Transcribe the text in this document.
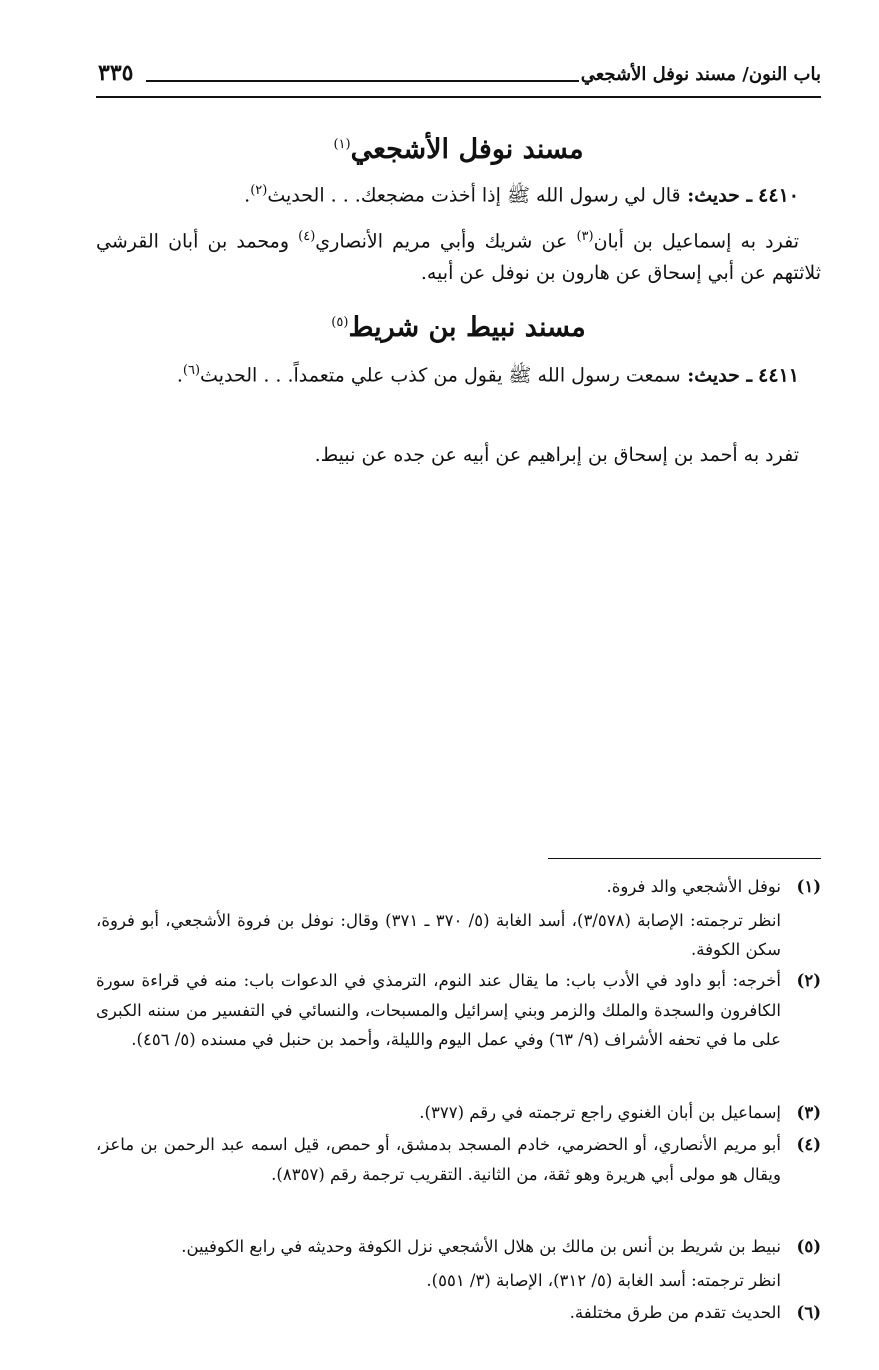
باب النون/ مسند نوفل الأشجعي
٣٣٥
مسند نوفل الأشجعي$^{(١)}$
٤٤١٠ ـ حديث: قال لي رسول الله ﷺ إذا أخذت مضجعك. . . الحديث$^{(٢)}$.
تفرد به إسماعيل بن أبان$^{(٣)}$ عن شريك وأبي مريم الأنصاري$^{(٤)}$ ومحمد بن أبان القرشي ثلاثتهم عن أبي إسحاق عن هارون بن نوفل عن أبيه.
مسند نبيط بن شريط$^{(٥)}$
٤٤١١ ـ حديث: سمعت رسول الله ﷺ يقول من كذب علي متعمداً. . . الحديث$^{(٦)}$.
تفرد به أحمد بن إسحاق بن إبراهيم عن أبيه عن جده عن نبيط.
(١)

نوفل الأشجعي والد فروة.

انظر ترجمته: الإصابة (٣/٥٧٨)، أسد الغابة (٥/ ٣٧٠ ـ ٣٧١) وقال: نوفل بن فروة الأشجعي، أبو فروة، سكن الكوفة.

(٢)

أخرجه: أبو داود في الأدب باب: ما يقال عند النوم، الترمذي في الدعوات باب: منه في قراءة سورة الكافرون والسجدة والملك والزمر وبني إسرائيل والمسبحات، والنسائي في التفسير من سننه الكبرى على ما في تحفه الأشراف (٩/ ٦٣) وفي عمل اليوم والليلة، وأحمد بن حنبل في مسنده (٥/ ٤٥٦).

(٣)

إسماعيل بن أبان الغنوي راجع ترجمته في رقم (٣٧٧).

(٤)

أبو مريم الأنصاري، أو الحضرمي، خادم المسجد بدمشق، أو حمص، قيل اسمه عبد الرحمن بن ماعز، ويقال هو مولى أبي هريرة وهو ثقة، من الثانية. التقريب ترجمة رقم (٨٣٥٧).

(٥)

نبيط بن شريط بن أنس بن مالك بن هلال الأشجعي نزل الكوفة وحديثه في رابع الكوفيين.

انظر ترجمته: أسد الغابة (٥/ ٣١٢)، الإصابة (٣/ ٥٥١).

(٦)

الحديث تقدم من طرق مختلفة.
